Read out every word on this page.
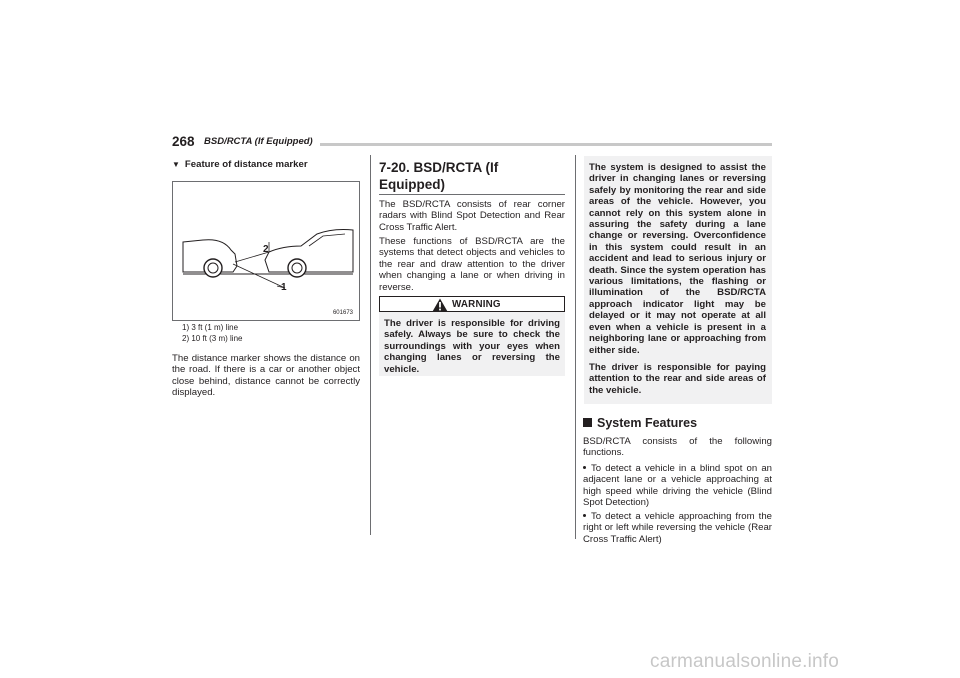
268 BSD/RCTA (If Equipped)
▼ Feature of distance marker
2
1
601673
1) 3 ft (1 m) line
2) 10 ft (3 m) line

The distance marker shows the distance on the road. If there is a car or another object close behind, distance cannot be correctly displayed.

7-20. BSD/RCTA (If Equipped)

The BSD/RCTA consists of rear corner radars with Blind Spot Detection and Rear Cross Traffic Alert.

These functions of BSD/RCTA are the systems that detect objects and vehicles to the rear and draw attention to the driver when changing a lane or when driving in reverse.

WARNING
The driver is responsible for driving safely. Always be sure to check the surroundings with your eyes when changing lanes or reversing the vehicle.

The system is designed to assist the driver in changing lanes or reversing safely by monitoring the rear and side areas of the vehicle. However, you cannot rely on this system alone in assuring the safety during a lane change or reversing. Overconfidence in this system could result in an accident and lead to serious injury or death. Since the system operation has various limitations, the flashing or illumination of the BSD/RCTA approach indicator light may be delayed or it may not operate at all even when a vehicle is present in a neighboring lane or approaching from either side.

The driver is responsible for paying attention to the rear and side areas of the vehicle.

System Features

BSD/RCTA consists of the following functions.

To detect a vehicle in a blind spot on an adjacent lane or a vehicle approaching at high speed while driving the vehicle (Blind Spot Detection)

To detect a vehicle approaching from the right or left while reversing the vehicle (Rear Cross Traffic Alert)

carmanualsonline.info
